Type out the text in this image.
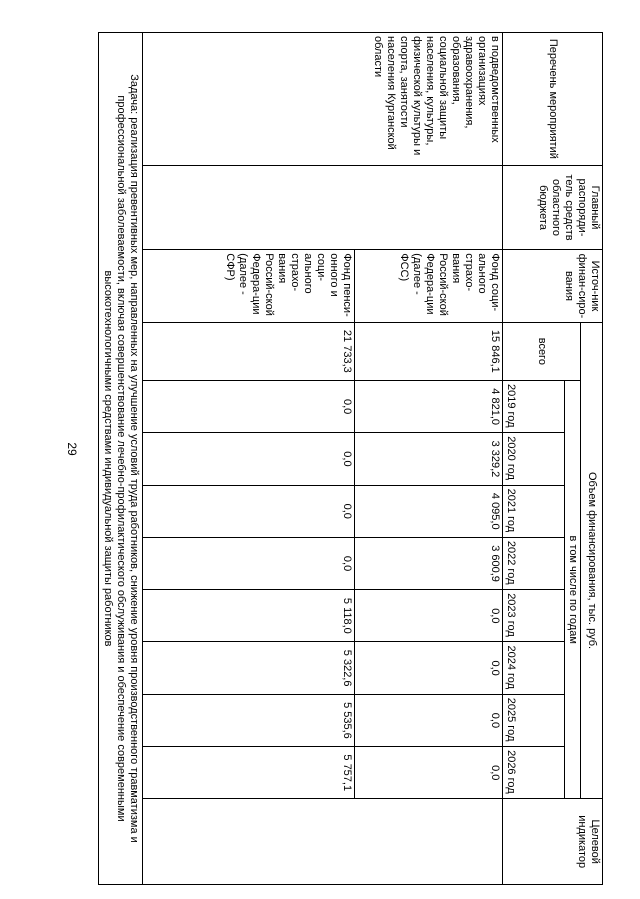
29
Перечень мероприятий	Главный распоряди-тель средств областного бюджета	Источ-ник финан-сиро-вания	Объем финансирования, тыс. руб.									Целевой индикатор
			всего	в том числе по годам								
				2019 год	2020 год	2021 год	2022 год	2023 год	2024 год	2025 год	2026 год	
в подведомственных организациях здравоохранения, образования, социальной защиты населения, культуры, физической культуры и спорта, занятости населения Курганской области		Фонд соци-ального страхо-вания Россий-ской Федера-ции (далее - ФСС)	15 846,1	4 821,0	3 329,2	4 095,0	3 600,9	0,0	0,0	0,0	0,0	
		Фонд пенси-онного и соци-ального страхо-вания Россий-ской Федера-ции (далее - СФР)	21 733,3	0,0	0,0	0,0	0,0	5 118,0	5 322,6	5 535,6	5 757,1	
Задача: реализация превентивных мер, направленных на улучшение условий труда работников, снижение уровня производственного травматизма и профессиональной заболеваемости, включая совершенствование лечебно-профилактического обслуживания и обеспечение современными высокотехнологичными средствами индивидуальной защиты работников												
